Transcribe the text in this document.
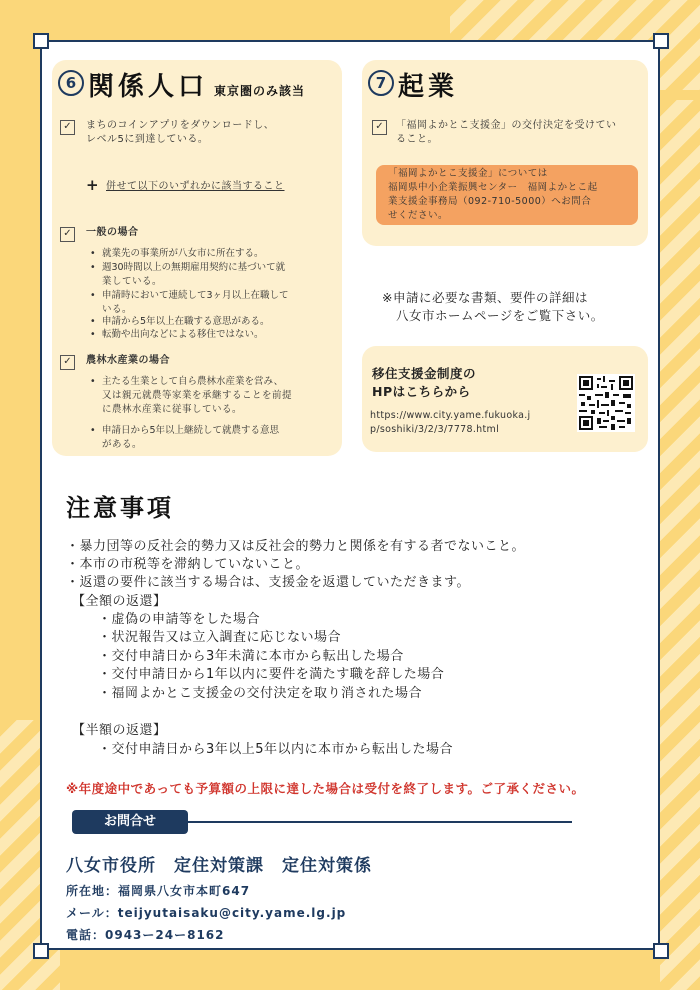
6 関係人口 東京圏のみ該当
✓	まちのコインアプリをダウンロードし、
レベル5に到達している。
+ 併せて以下のいずれかに該当すること
✓	一般の場合
• 就業先の事業所が八女市に所在する。
• 週30時間以上の無期雇用契約に基づいて就
業している。
• 申請時において連続して3ヶ月以上在職して
いる。
• 申請から5年以上在職する意思がある。
• 転勤や出向などによる移住ではない。
✓	農林水産業の場合
• 主たる生業として自ら農林水産業を営み、
又は親元就農等家業を承継することを前提
に農林水産業に従事している。
• 申請日から5年以上継続して就農する意思
がある。
7 起業
✓	「福岡よかとこ支援金」の交付決定を受けてい
ること。
「福岡よかとこ支援金」については
福岡県中小企業振興センター　福岡よかとこ起
業支援金事務局（092-710-5000）へお問合
せください。
※申請に必要な書類、要件の詳細は
八女市ホームページをご覧下さい。
移住支援金制度の
HPはこちらから
https://www.city.yame.fukuoka.j
p/soshiki/3/2/3/7778.html
注意事項
・暴力団等の反社会的勢力又は反社会的勢力と関係を有する者でないこと。
・本市の市税等を滞納していないこと。
・返還の要件に該当する場合は、支援金を返還していただきます。
【全額の返還】
・虚偽の申請等をした場合
・状況報告又は立入調査に応じない場合
・交付申請日から3年未満に本市から転出した場合
・交付申請日から1年以内に要件を満たす職を辞した場合
・福岡よかとこ支援金の交付決定を取り消された場合
【半額の返還】
・交付申請日から3年以上5年以内に本市から転出した場合
※年度途中であっても予算額の上限に達した場合は受付を終了します。ご了承ください。
お問合せ
八女市役所　定住対策課　定住対策係
所在地：福岡県八女市本町647
メール：teijyutaisaku@city.yame.lg.jp
電話：0943ー24ー8162
